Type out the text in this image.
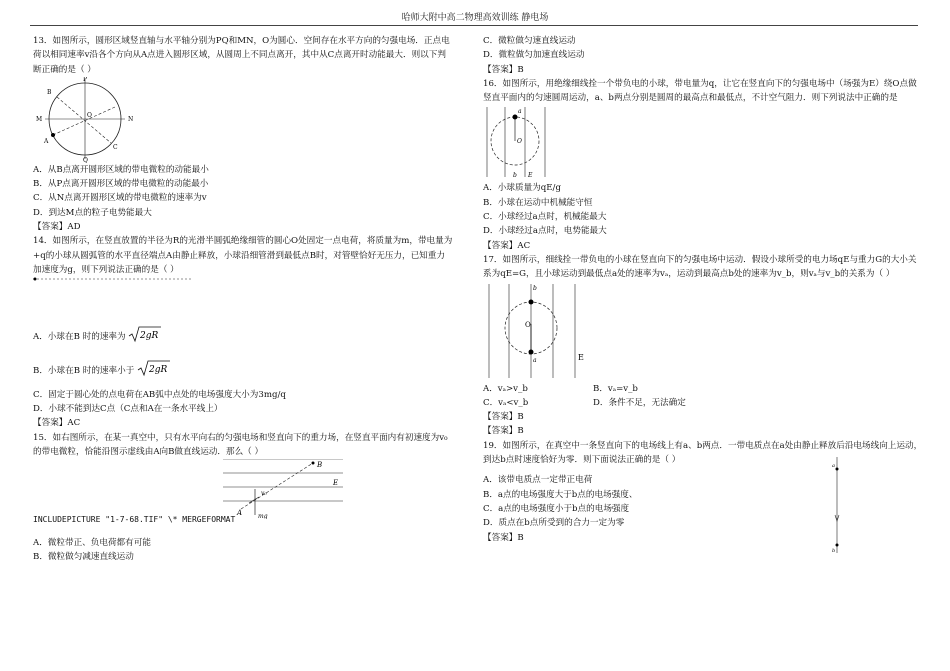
哈师大附中高二物理高效训练 静电场

13．如图所示，圆形区域竖直轴与水平轴分别为PQ和MN，O为圆心．空间存在水平方向的匀强电场．正点电荷以相同速率v沿各个方向从A点进入圆形区域，从圆周上不同点离开，其中从C点离开时动能最大．则以下判断正确的是（ ）

P
B
M
O
N
A
Q
C

A．从B点离开圆形区域的带电微粒的动能最小

B．从P点离开圆形区域的带电微粒的动能最小

C．从N点离开圆形区域的带电微粒的速率为v

D．到达M点的粒子电势能最大

【答案】AD

14．如图所示，在竖直放置的半径为R的光滑半圆弧绝缘细管的圆心O处固定一点电荷，将质量为m，带电量为+q的小球从圆弧管的水平直径端点A由静止释放，小球沿细管滑到最低点B时，对管壁恰好无压力，已知重力加速度为g，则下列说法正确的是（ ）

A．小球在B 时的速率为 2gR

B．小球在B 时的速率小于 2gR

C．固定于圆心处的点电荷在AB弧中点处的电场强度大小为3mg/q

D．小球不能到达C点（C点和A在一条水平线上）

【答案】AC

15．如右图所示，在某一真空中，只有水平向右的匀强电场和竖直向下的重力场，在竖直平面内有初速度为v₀的带电微粒，恰能沿图示虚线由A向B做直线运动．那么（ ）

B
E
v₀
A	mg

INCLUDEPICTURE "1-7-68.TIF" \* MERGEFORMAT

A．微粒带正、负电荷都有可能

B．微粒做匀减速直线运动

C．微粒做匀速直线运动

D．微粒做匀加速直线运动

【答案】B

16．如图所示，用绝缘细线拴一个带负电的小球，带电量为q，让它在竖直向下的匀强电场中（场强为E）绕O点做竖直平面内的匀速圆周运动，a、b两点分别是圆周的最高点和最低点，不计空气阻力．则下列说法中正确的是

a
O
b E

A．小球质量为qE/g

B．小球在运动中机械能守恒

C．小球经过a点时，机械能最大

D．小球经过a点时，电势能最大

【答案】AC

17．如图所示，细线拴一带负电的小球在竖直向下的匀强电场中运动．假设小球所受的电力场qE与重力G的大小关系为qE=G，且小球运动到最低点a处的速率为vₐ，运动到最高点b处的速率为v_b，则vₐ与v_b的关系为（ ）

b
O
a	E
A．vₐ>v_b	B．vₐ=v_b
C．vₐ<v_b	D．条件不足，无法确定

【答案】B

【答案】B

19．如图所示，在真空中一条竖直向下的电场线上有a、b两点．一带电质点在a处由静止释放后沿电场线向上运动，到达b点时速度恰好为零．则下面说法正确的是（ ）

A．该带电质点一定带正电荷

B．a点的电场强度大于b点的电场强度、

C．a点的电场强度小于b点的电场强度

D．质点在b点所受到的合力一定为零

【答案】B

a
b
